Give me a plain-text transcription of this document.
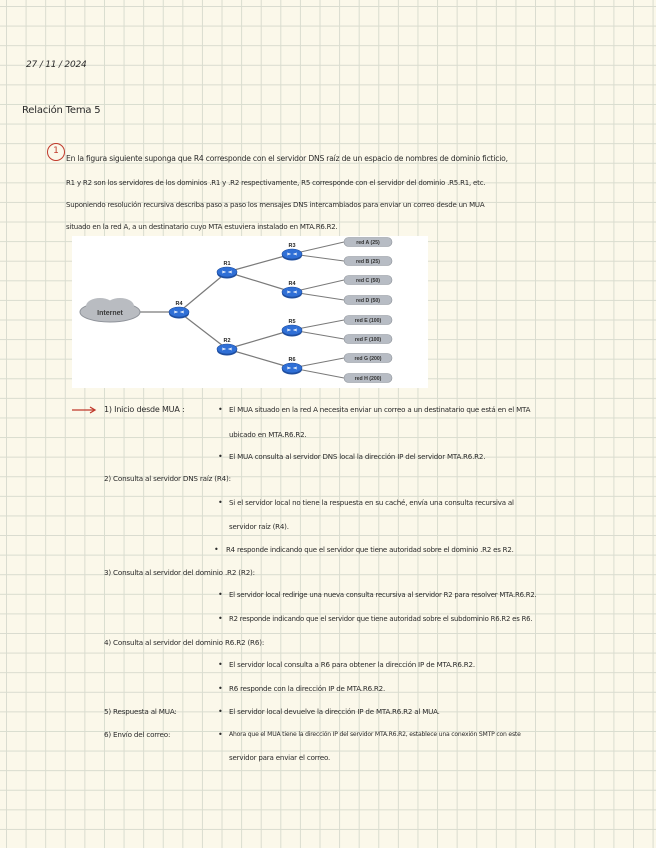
27 / 11 / 2024
Relación Tema 5
1
En la figura siguiente suponga que R4 corresponde con el servidor DNS raíz de un espacio de nombres de dominio ficticio,
R1 y R2 son los servidores de los dominios .R1 y .R2 respectivamente, R5 corresponde con el servidor del dominio .R5.R1, etc.
Suponiendo resolución recursiva describa paso a paso los mensajes DNS intercambiados para enviar un correo desde un MUA
situado en la red A, a un destinatario cuyo MTA estuviera instalado en MTA.R6.R2.
Internet
red A (25)
red B (25)
red C (50)
red D (50)
red E (100)
red F (100)
red G (200)
red H (200)
R4
R1
R2
R3
R4
R5
R6
1) Inicio desde MUA :	• El MUA situado en la red A necesita enviar un correo a un destinatario que está en el MTA
ubicado en MTA.R6.R2.
• El MUA consulta al servidor DNS local la dirección IP del servidor MTA.R6.R2.
2) Consulta al servidor DNS raíz (R4):
• Si el servidor local no tiene la respuesta en su caché, envía una consulta recursiva al
servidor raíz (R4).
• R4 responde indicando que el servidor que tiene autoridad sobre el dominio .R2 es R2.
3) Consulta al servidor del dominio .R2 (R2):
• El servidor local redirige una nueva consulta recursiva al servidor R2 para resolver MTA.R6.R2.
• R2 responde indicando que el servidor que tiene autoridad sobre el subdominio R6.R2 es R6.
4) Consulta al servidor del dominio R6.R2 (R6):
• El servidor local consulta a R6 para obtener la dirección IP de MTA.R6.R2.
• R6 responde con la dirección IP de MTA.R6.R2.
5) Respuesta al MUA:	• El servidor local devuelve la dirección IP de MTA.R6.R2 al MUA.
6) Envío del correo:	• Ahora que el MUA tiene la dirección IP del servidor MTA.R6.R2, establece una conexión SMTP con este
servidor para enviar el correo.
